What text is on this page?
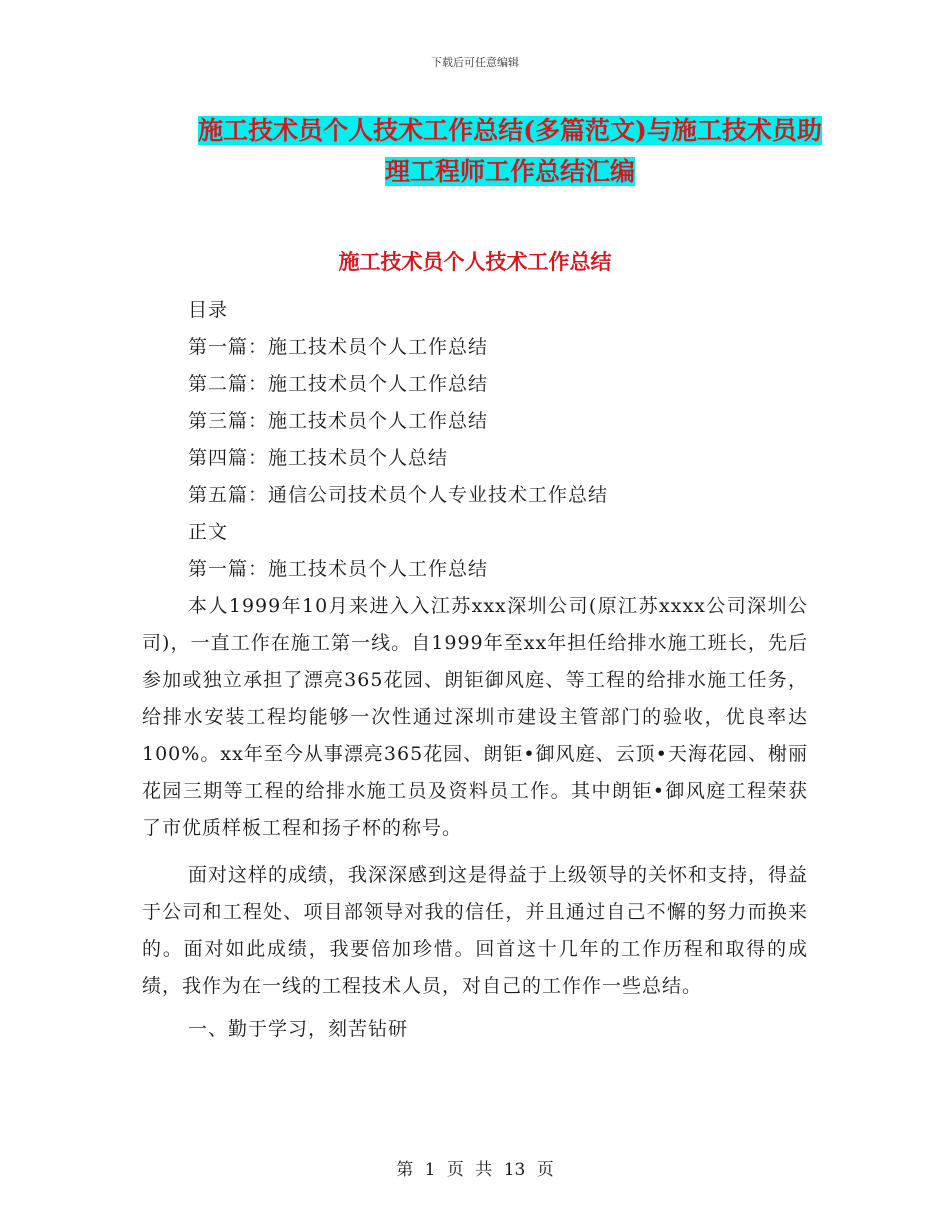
下载后可任意编辑
施工技术员个人技术工作总结(多篇范文)与施工技术员助理工程师工作总结汇编
施工技术员个人技术工作总结
目录
第一篇：施工技术员个人工作总结
第二篇：施工技术员个人工作总结
第三篇：施工技术员个人工作总结
第四篇：施工技术员个人总结
第五篇：通信公司技术员个人专业技术工作总结
正文
第一篇：施工技术员个人工作总结
本人1999年10月来进入入江苏xxx深圳公司(原江苏xxxx公司深圳公司)，一直工作在施工第一线。自1999年至xx年担任给排水施工班长，先后参加或独立承担了漂亮365花园、朗钜御风庭、等工程的给排水施工任务，给排水安装工程均能够一次性通过深圳市建设主管部门的验收，优良率达100%。xx年至今从事漂亮365花园、朗钜•御风庭、云顶•天海花园、榭丽花园三期等工程的给排水施工员及资料员工作。其中朗钜•御风庭工程荣获了市优质样板工程和扬子杯的称号。
面对这样的成绩，我深深感到这是得益于上级领导的关怀和支持，得益于公司和工程处、项目部领导对我的信任，并且通过自己不懈的努力而换来的。面对如此成绩，我要倍加珍惜。回首这十几年的工作历程和取得的成绩，我作为在一线的工程技术人员，对自己的工作作一些总结。
一、勤于学习，刻苦钻研
第 1 页 共 13 页
